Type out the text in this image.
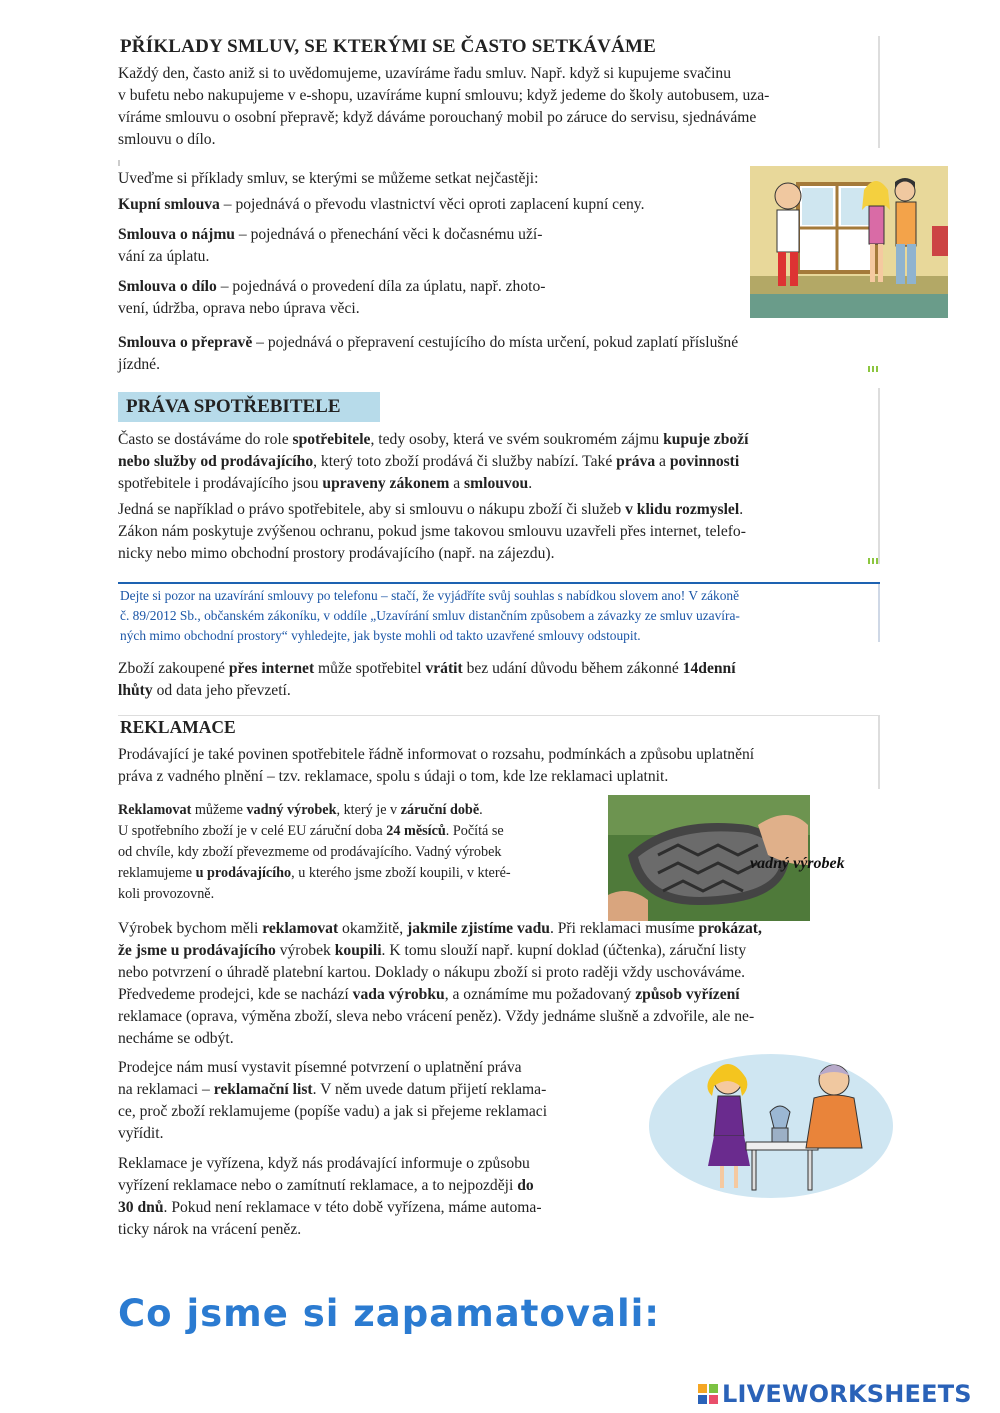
PŘÍKLADY SMLUV, SE KTERÝMI SE ČASTO SETKÁVÁME

Každý den, často aniž si to uvědomujeme, uzavíráme řadu smluv. Např. když si kupujeme svačinu

v bufetu nebo nakupujeme v e-shopu, uzavíráme kupní smlouvu; když jedeme do školy autobusem, uza-

víráme smlouvu o osobní přepravě; když dáváme porouchaný mobil po záruce do servisu, sjednáváme

smlouvu o dílo.

Uveďme si příklady smluv, se kterými se můžeme setkat nejčastěji:

Kupní smlouva – pojednává o převodu vlastnictví věci oproti zaplacení kupní ceny.

Smlouva o nájmu – pojednává o přenechání věci k dočasnému uží-
vání za úplatu.

Smlouva o dílo – pojednává o provedení díla za úplatu, např. zhoto-
vení, údržba, oprava nebo úprava věci.

Smlouva o přepravě – pojednává o přepravení cestujícího do místa určení, pokud zaplatí příslušné
jízdné.

PRÁVA SPOTŘEBITELE

Často se dostáváme do role spotřebitele, tedy osoby, která ve svém soukromém zájmu kupuje zboží
nebo služby od prodávajícího, který toto zboží prodává či služby nabízí. Také práva a povinnosti
spotřebitele i prodávajícího jsou upraveny zákonem a smlouvou.

Jedná se například o právo spotřebitele, aby si smlouvu o nákupu zboží či služeb v klidu rozmyslel.
Zákon nám poskytuje zvýšenou ochranu, pokud jsme takovou smlouvu uzavřeli přes internet, telefo-
nicky nebo mimo obchodní prostory prodávajícího (např. na zájezdu).

Dejte si pozor na uzavírání smlouvy po telefonu – stačí, že vyjádříte svůj souhlas s nabídkou slovem ano! V zákoně
č. 89/2012 Sb., občanském zákoníku, v oddíle „Uzavírání smluv distančním způsobem a závazky ze smluv uzavíra-
ných mimo obchodní prostory“ vyhledejte, jak byste mohli od takto uzavřené smlouvy odstoupit.

Zboží zakoupené přes internet může spotřebitel vrátit bez udání důvodu během zákonné 14denní
lhůty od data jeho převzetí.

REKLAMACE

Prodávající je také povinen spotřebitele řádně informovat o rozsahu, podmínkách a způsobu uplatnění

práva z vadného plnění – tzv. reklamace, spolu s údaji o tom, kde lze reklamaci uplatnit.

Reklamovat můžeme vadný výrobek, který je v záruční době.
U spotřebního zboží je v celé EU záruční doba 24 měsíců. Počítá se
od chvíle, kdy zboží převezmeme od prodávajícího. Vadný výrobek
reklamujeme u prodávajícího, u kterého jsme zboží koupili, v které-
koli provozovně.

vadný výrobek

Výrobek bychom měli reklamovat okamžitě, jakmile zjistíme vadu. Při reklamaci musíme prokázat,
že jsme u prodávajícího výrobek koupili. K tomu slouží např. kupní doklad (účtenka), záruční listy
nebo potvrzení o úhradě platební kartou. Doklady o nákupu zboží si proto raději vždy uschováváme.
Předvedeme prodejci, kde se nachází vada výrobku, a oznámíme mu požadovaný způsob vyřízení
reklamace (oprava, výměna zboží, sleva nebo vrácení peněz). Vždy jednáme slušně a zdvořile, ale ne-
necháme se odbýt.

Prodejce nám musí vystavit písemné potvrzení o uplatnění práva
na reklamaci – reklamační list. V něm uvede datum přijetí reklama-
ce, proč zboží reklamujeme (popíše vadu) a jak si přejeme reklamaci
vyřídit.

Reklamace je vyřízena, když nás prodávající informuje o způsobu
vyřízení reklamace nebo o zamítnutí reklamace, a to nejpozději do
30 dnů. Pokud není reklamace v této době vyřízena, máme automa-
ticky nárok na vrácení peněz.

Co jsme si zapamatovali:
LIVEWORKSHEETS
